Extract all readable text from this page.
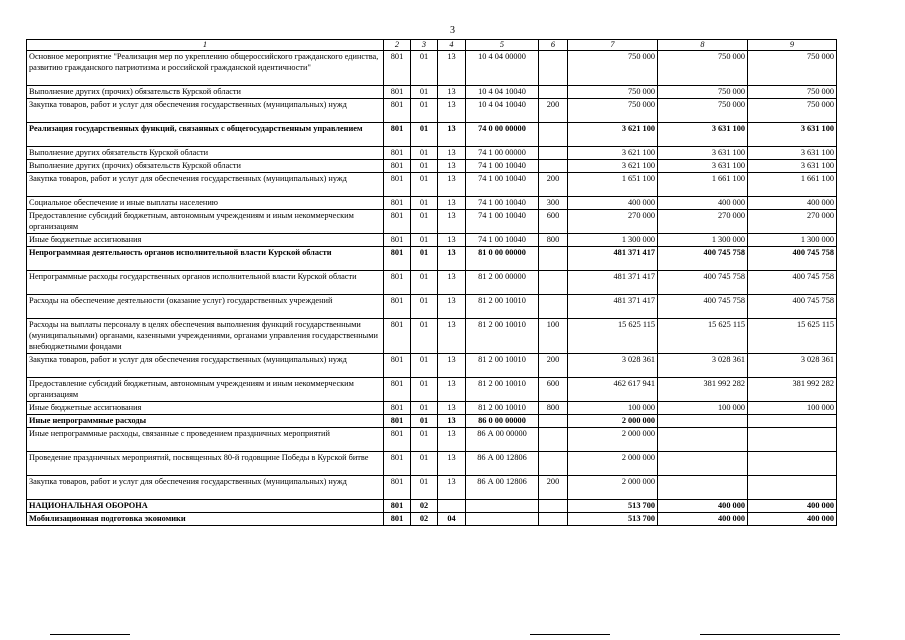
3
1	2	3	4	5	6	7	8	9
Основное мероприятие "Реализация мер по укреплению общероссийского гражданского единства, развитию гражданского патриотизма и российской гражданской идентичности"	801	01	13	10 4 04 00000		750 000	750 000	750 000
Выполнение других (прочих) обязательств Курской области	801	01	13	10 4 04 10040		750 000	750 000	750 000
Закупка товаров, работ и услуг для обеспечения государственных (муниципальных) нужд	801	01	13	10 4 04 10040	200	750 000	750 000	750 000
Реализация государственных функций, связанных с общегосударственным управлением	801	01	13	74 0 00 00000		3 621 100	3 631 100	3 631 100
Выполнение других обязательств Курской области	801	01	13	74 1 00 00000		3 621 100	3 631 100	3 631 100
Выполнение других (прочих) обязательств Курской области	801	01	13	74 1 00 10040		3 621 100	3 631 100	3 631 100
Закупка товаров, работ и услуг для обеспечения государственных (муниципальных) нужд	801	01	13	74 1 00 10040	200	1 651 100	1 661 100	1 661 100
Социальное обеспечение и иные выплаты населению	801	01	13	74 1 00 10040	300	400 000	400 000	400 000
Предоставление субсидий бюджетным, автономным учреждениям и иным некоммерческим организациям	801	01	13	74 1 00 10040	600	270 000	270 000	270 000
Иные бюджетные ассигнования	801	01	13	74 1 00 10040	800	1 300 000	1 300 000	1 300 000
Непрограммная деятельность органов исполнительной власти Курской области	801	01	13	81 0 00 00000		481 371 417	400 745 758	400 745 758
Непрограммные расходы государственных органов исполнительной власти Курской области	801	01	13	81 2 00 00000		481 371 417	400 745 758	400 745 758
Расходы на обеспечение деятельности (оказание услуг) государственных учреждений	801	01	13	81 2 00 10010		481 371 417	400 745 758	400 745 758
Расходы на выплаты персоналу в целях обеспечения выполнения функций государственными (муниципальными) органами, казенными учреждениями, органами управления государственными внебюджетными фондами	801	01	13	81 2 00 10010	100	15 625 115	15 625 115	15 625 115
Закупка товаров, работ и услуг для обеспечения государственных (муниципальных) нужд	801	01	13	81 2 00 10010	200	3 028 361	3 028 361	3 028 361
Предоставление субсидий бюджетным, автономным учреждениям и иным некоммерческим организациям	801	01	13	81 2 00 10010	600	462 617 941	381 992 282	381 992 282
Иные бюджетные ассигнования	801	01	13	81 2 00 10010	800	100 000	100 000	100 000
Иные непрограммные расходы	801	01	13	86 0 00 00000		2 000 000		
Иные непрограммные расходы, связанные с проведением праздничных мероприятий	801	01	13	86 А 00 00000		2 000 000		
Проведение праздничных мероприятий, посвященных 80-й годовщине Победы в Курской битве	801	01	13	86 А 00 12806		2 000 000		
Закупка товаров, работ и услуг для обеспечения государственных (муниципальных) нужд	801	01	13	86 А 00 12806	200	2 000 000		
НАЦИОНАЛЬНАЯ ОБОРОНА	801	02				513 700	400 000	400 000
Мобилизационная подготовка экономики	801	02	04			513 700	400 000	400 000
